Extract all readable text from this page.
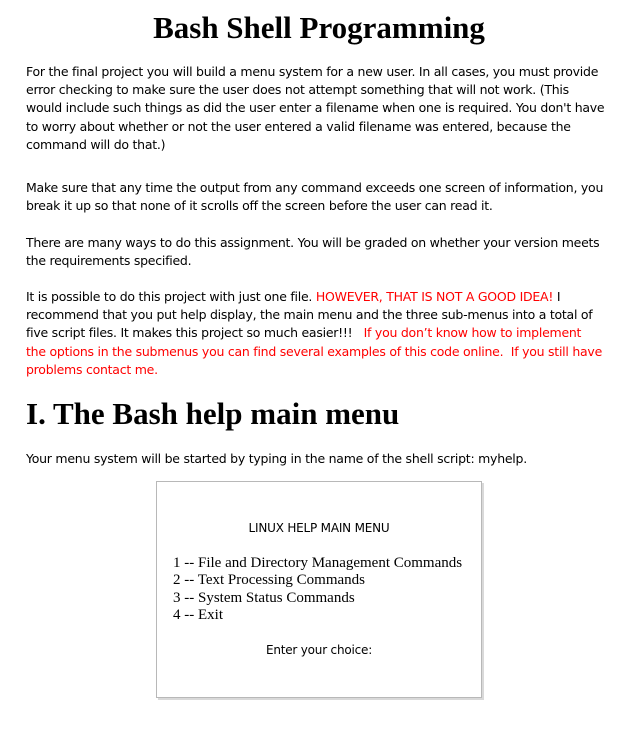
Bash Shell Programming
For the final project you will build a menu system for a new user. In all cases, you must provide
error checking to make sure the user does not attempt something that will not work. (This
would include such things as did the user enter a filename when one is required. You don't have
to worry about whether or not the user entered a valid filename was entered, because the
command will do that.)
Make sure that any time the output from any command exceeds one screen of information, you
break it up so that none of it scrolls off the screen before the user can read it.
There are many ways to do this assignment. You will be graded on whether your version meets
the requirements specified.
It is possible to do this project with just one file. HOWEVER, THAT IS NOT A GOOD IDEA! I
recommend that you put help display, the main menu and the three sub-menus into a total of
five script files. It makes this project so much easier!!!   If you don’t know how to implement
the options in the submenus you can find several examples of this code online.  If you still have
problems contact me.
I. The Bash help main menu
Your menu system will be started by typing in the name of the shell script: myhelp.
LINUX HELP MAIN MENU
1 -- File and Directory Management Commands
2 -- Text Processing Commands
3 -- System Status Commands
4 -- Exit
Enter your choice:
